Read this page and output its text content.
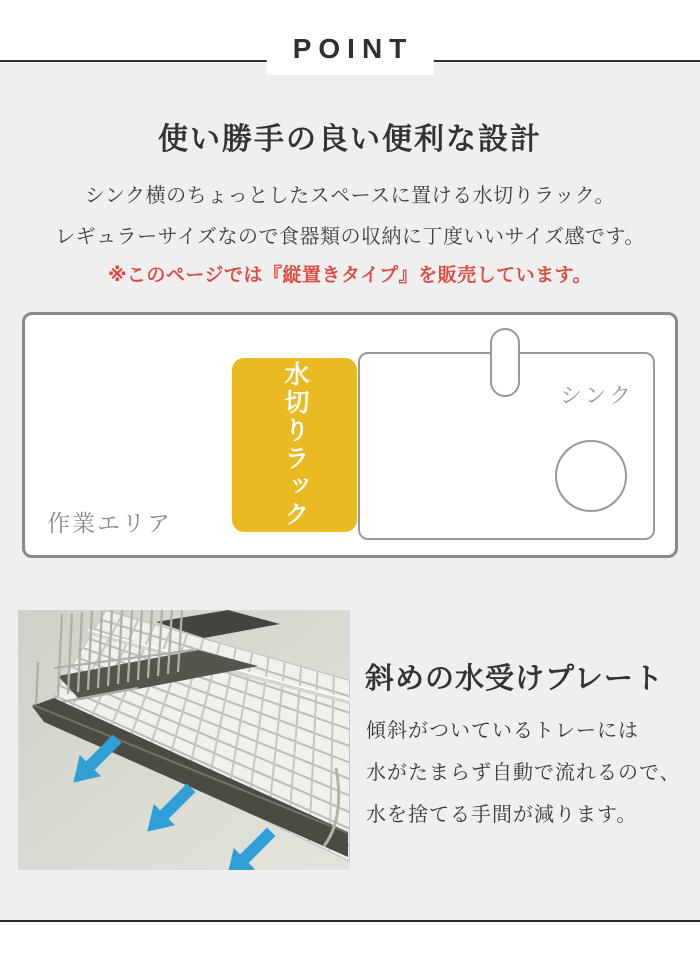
POINT
使い勝手の良い便利な設計
シンク横のちょっとしたスペースに置ける水切りラック。
レギュラーサイズなので食器類の収納に丁度いいサイズ感です。
※このページでは『縦置きタイプ』を販売しています。
シンク
水切りラック
作業エリア
斜めの水受けプレート
傾斜がついているトレーには
水がたまらず自動で流れるので、
水を捨てる手間が減ります。
